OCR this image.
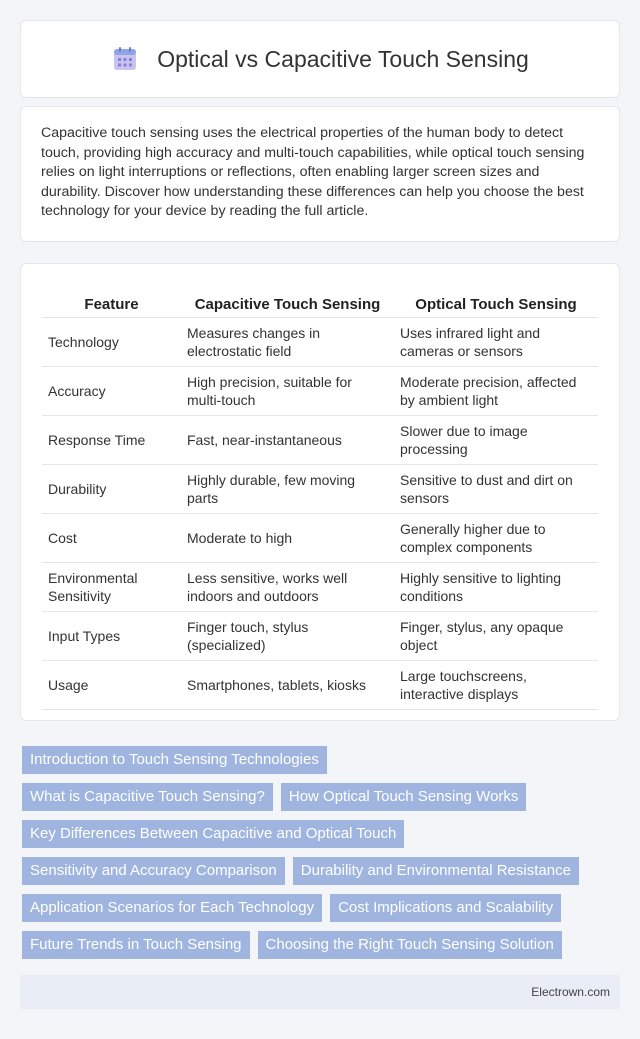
Optical vs Capacitive Touch Sensing

Capacitive touch sensing uses the electrical properties of the human body to detect touch, providing high accuracy and multi-touch capabilities, while optical touch sensing relies on light interruptions or reflections, often enabling larger screen sizes and durability. Discover how understanding these differences can help you choose the best technology for your device by reading the full article.

Feature	Capacitive Touch Sensing	Optical Touch Sensing
Technology	Measures changes in electrostatic field	Uses infrared light and cameras or sensors
Accuracy	High precision, suitable for multi-touch	Moderate precision, affected by ambient light
Response Time	Fast, near-instantaneous	Slower due to image processing
Durability	Highly durable, few moving parts	Sensitive to dust and dirt on sensors
Cost	Moderate to high	Generally higher due to complex components
Environmental Sensitivity	Less sensitive, works well indoors and outdoors	Highly sensitive to lighting conditions
Input Types	Finger touch, stylus (specialized)	Finger, stylus, any opaque object
Usage	Smartphones, tablets, kiosks	Large touchscreens, interactive displays
Introduction to Touch Sensing Technologies
What is Capacitive Touch Sensing?	How Optical Touch Sensing Works
Key Differences Between Capacitive and Optical Touch
Sensitivity and Accuracy Comparison	Durability and Environmental Resistance
Application Scenarios for Each Technology	Cost Implications and Scalability
Future Trends in Touch Sensing	Choosing the Right Touch Sensing Solution
Electrown.com
